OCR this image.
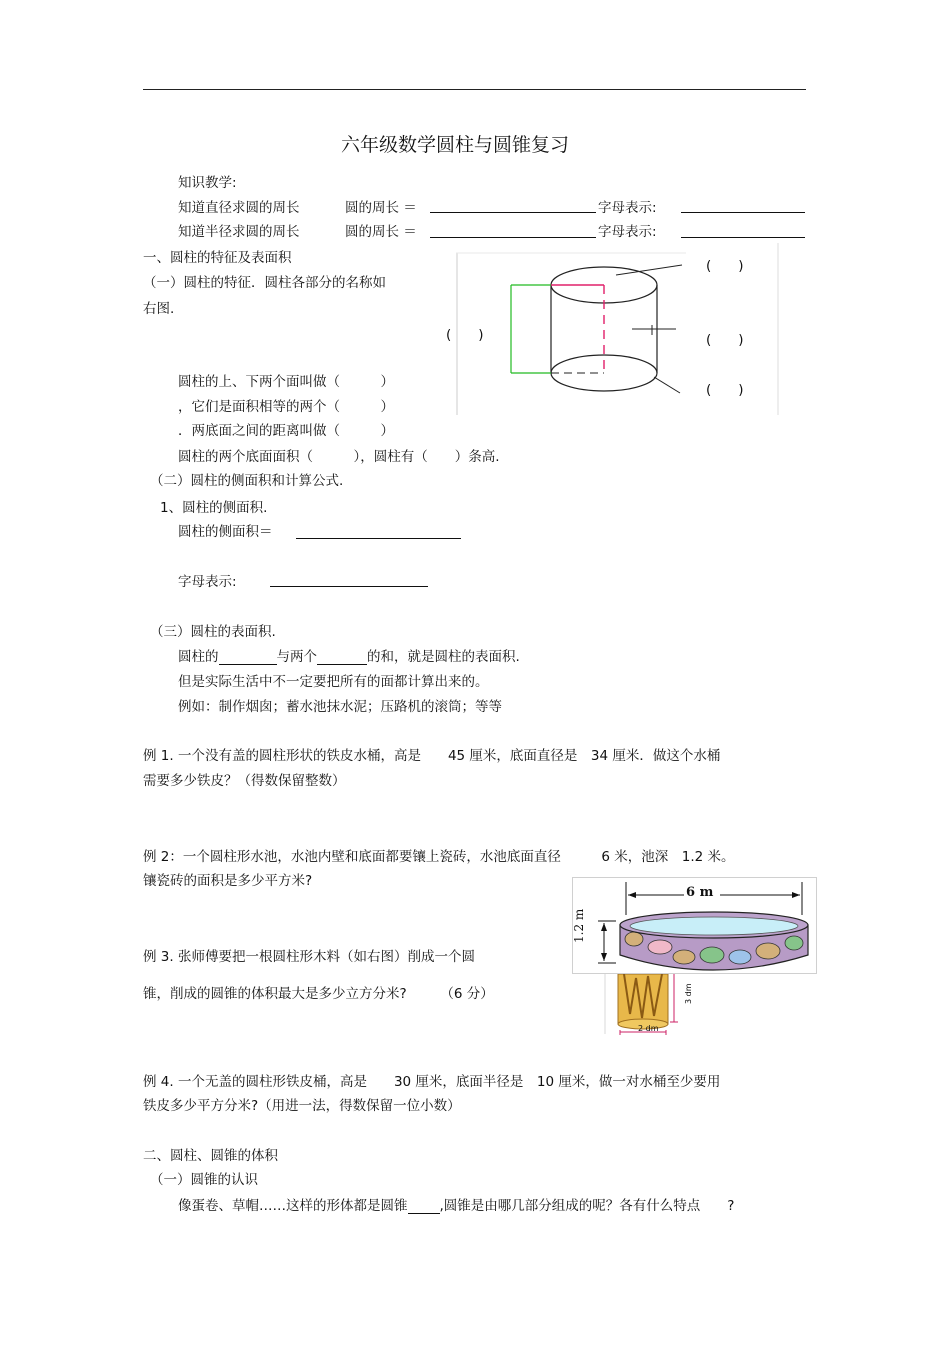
六年级数学圆柱与圆锥复习
知识教学:
知道直径求圆的周长	圆的周长 ＝	字母表示:
知道半径求圆的周长	圆的周长 ＝	字母表示:
一、圆柱的特征及表面积
（一）圆柱的特征．圆柱各部分的名称如
右图.
(　　)
(　　)
(　　)
(　　)
圆柱的上、下两个面叫做（　　　）
，它们是面积相等的两个（　　　）
．两底面之间的距离叫做（　　　）
圆柱的两个底面面积（　　　），圆柱有（　　）条高.
（二）圆柱的侧面积和计算公式.
1、圆柱的侧面积.
圆柱的侧面积＝
字母表示:
（三）圆柱的表面积.
圆柱的	与两个	的和，就是圆柱的表面积.
但是实际生活中不一定要把所有的面都计算出来的。
例如：制作烟囱；蓄水池抹水泥；压路机的滚筒；等等
例 1. 一个没有盖的圆柱形状的铁皮水桶，高是　　45 厘米，底面直径是　34 厘米．做这个水桶
需要多少铁皮？（得数保留整数）
例 2：一个圆柱形水池，水池内壁和底面都要镶上瓷砖，水池底面直径　　　6 米，池深　1.2 米。
镶瓷砖的面积是多少平方米?
6 m
1.2 m
例 3. 张师傅要把一根圆柱形木料（如右图）削成一个圆
锥，削成的圆锥的体积最大是多少立方分米?　　　（6 分）
2 dm
3 dm
例 4. 一个无盖的圆柱形铁皮桶，高是　　30 厘米，底面半径是　10 厘米，做一对水桶至少要用
铁皮多少平方分米?（用进一法，得数保留一位小数）
二、圆柱、圆锥的体积
（一）圆锥的认识
像蛋卷、草帽……这样的形体都是圆锥 ,圆锥是由哪几部分组成的呢？各有什么特点　　?
